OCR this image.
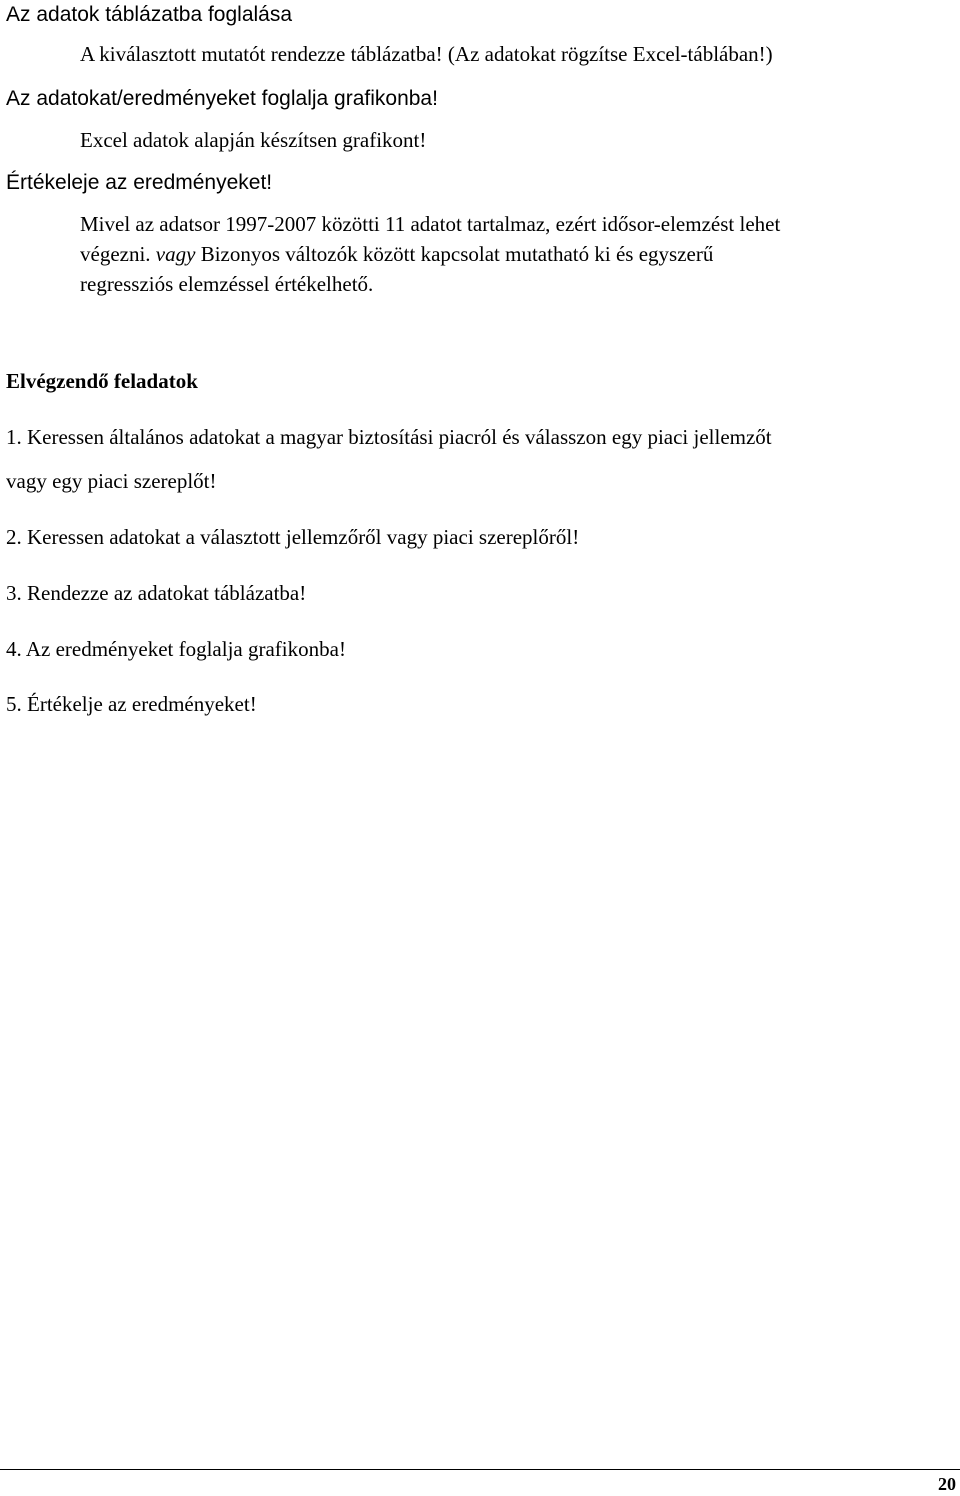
Az adatok táblázatba foglalása
A kiválasztott mutatót rendezze táblázatba! (Az adatokat rögzítse Excel-táblában!)
Az adatokat/eredményeket foglalja grafikonba!
Excel adatok alapján készítsen grafikont!
Értékeleje az eredményeket!
Mivel az adatsor 1997-2007 közötti 11 adatot tartalmaz, ezért idősor-elemzést lehet
végezni. vagy Bizonyos változók között kapcsolat mutatható ki és egyszerű
regressziós elemzéssel értékelhető.
Elvégzendő feladatok
1. Keressen általános adatokat a magyar biztosítási piacról és válasszon egy piaci jellemzőt
vagy egy piaci szereplőt!
2. Keressen adatokat a választott jellemzőről vagy piaci szereplőről!
3. Rendezze az adatokat táblázatba!
4. Az eredményeket foglalja grafikonba!
5. Értékelje az eredményeket!
20
